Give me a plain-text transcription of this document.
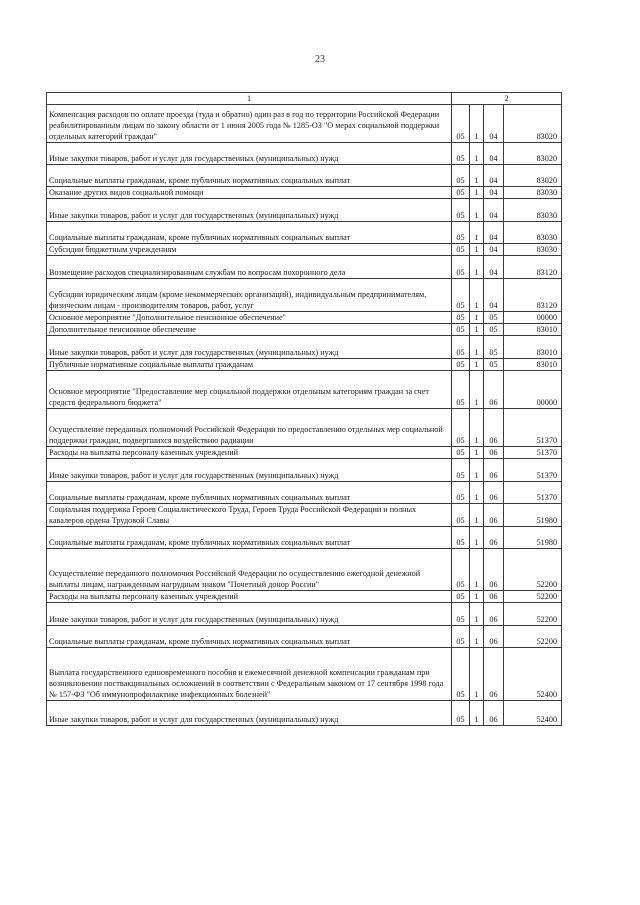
23
1	2			
Компенсация расходов по оплате проезда (туда и обратно) один раз в год по территории Российской Федерации реабилитированным лицам по закону области от 1 июня 2005 года № 1285-ОЗ "О мерах социальной поддержки отдельных категорий граждан"	05	1	04	83020
Иные закупки товаров, работ и услуг для государственных (муниципальных) нужд	05	1	04	83020
Социальные выплаты гражданам, кроме публичных нормативных социальных выплат	05	1	04	83020
Оказание других видов социальной помощи	05	1	04	83030
Иные закупки товаров, работ и услуг для государственных (муниципальных) нужд	05	1	04	83030
Социальные выплаты гражданам, кроме публичных нормативных социальных выплат	05	1	04	83030
Субсидии бюджетным учреждениям	05	1	04	83030
Возмещение расходов специализированным службам по вопросам похоронного дела	05	1	04	83120
Субсидии юридическим лицам (кроме некоммерческих организаций), индивидуальным предпринимателям, физическим лицам - производителям товаров, работ, услуг	05	1	04	83120
Основное мероприятие "Дополнительное пенсионное обеспечение"	05	1	05	00000
Дополнительное пенсионное обеспечение	05	1	05	83010
Иные закупки товаров, работ и услуг для государственных (муниципальных) нужд	05	1	05	83010
Публичные нормативные социальные выплаты гражданам	05	1	05	83010
Основное мероприятие "Предоставление мер социальной поддержки отдельным категориям граждан за счет средств федерального бюджета"	05	1	06	00000
Осуществление переданных полномочий Российской Федерации по предоставлению отдельных мер социальной поддержки граждан, подвергшихся воздействию радиации	05	1	06	51370
Расходы на выплаты персоналу казенных учреждений	05	1	06	51370
Иные закупки товаров, работ и услуг для государственных (муниципальных) нужд	05	1	06	51370
Социальные выплаты гражданам, кроме публичных нормативных социальных выплат	05	1	06	51370
Социальная поддержка Героев Социалистического Труда, Героев Труда Российской Федерации и полных кавалеров ордена Трудовой Славы	05	1	06	51980
Социальные выплаты гражданам, кроме публичных нормативных социальных выплат	05	1	06	51980
Осуществление переданного полномочия Российской Федерации по осуществлению ежегодной денежной выплаты лицам, награжденным нагрудным знаком "Почетный донор России"	05	1	06	52200
Расходы на выплаты персоналу казенных учреждений	05	1	06	52200
Иные закупки товаров, работ и услуг для государственных (муниципальных) нужд	05	1	06	52200
Социальные выплаты гражданам, кроме публичных нормативных социальных выплат	05	1	06	52200
Выплата государственного единовременного пособия и ежемесячной денежной компенсации гражданам при возникновении поствакцинальных осложнений в соответствии с Федеральным законом от 17 сентября 1998 года № 157-ФЗ "Об иммунопрофилактике инфекционных болезней"	05	1	06	52400
Иные закупки товаров, работ и услуг для государственных (муниципальных) нужд	05	1	06	52400
